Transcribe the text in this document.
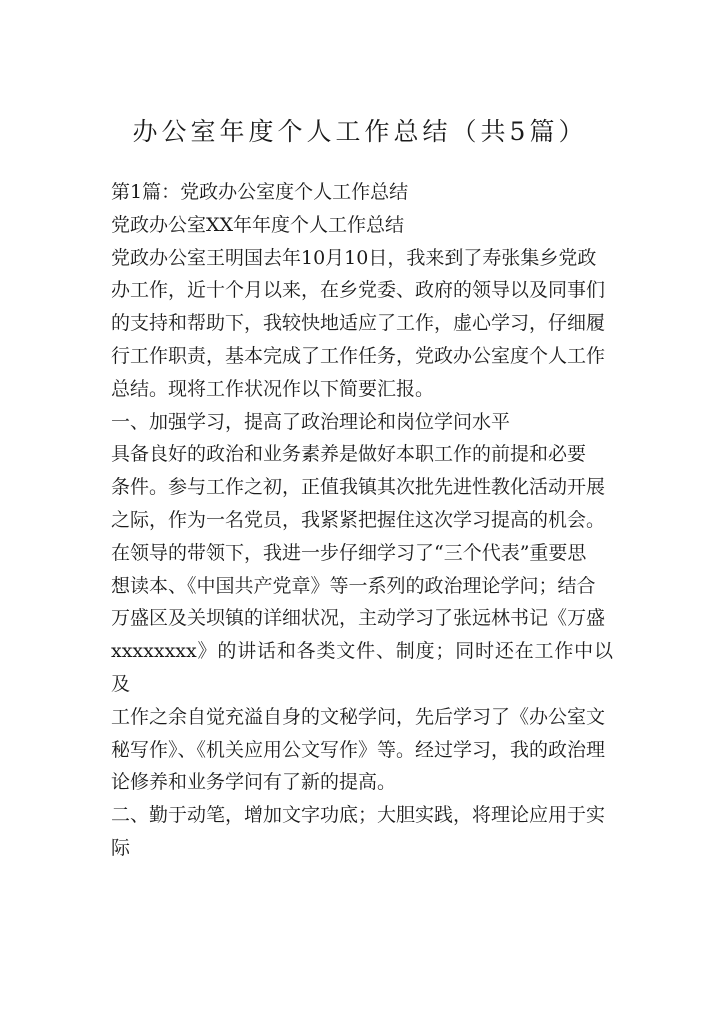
办公室年度个人工作总结（共5篇）

第1篇：党政办公室度个人工作总结

党政办公室XX年年度个人工作总结

党政办公室王明国去年10月10日，我来到了寿张集乡党政

办工作，近十个月以来，在乡党委、政府的领导以及同事们

的支持和帮助下，我较快地适应了工作，虚心学习，仔细履

行工作职责，基本完成了工作任务，党政办公室度个人工作

总结。现将工作状况作以下简要汇报。

一、加强学习，提高了政治理论和岗位学问水平

具备良好的政治和业务素养是做好本职工作的前提和必要

条件。参与工作之初，正值我镇其次批先进性教化活动开展

之际，作为一名党员，我紧紧把握住这次学习提高的机会。

在领导的带领下，我进一步仔细学习了“三个代表”重要思

想读本、《中国共产党章》等一系列的政治理论学问；结合

万盛区及关坝镇的详细状况，主动学习了张远林书记《万盛

xxxxxxxx》的讲话和各类文件、制度；同时还在工作中以及

工作之余自觉充溢自身的文秘学问，先后学习了《办公室文

秘写作》、《机关应用公文写作》等。经过学习，我的政治理

论修养和业务学问有了新的提高。

二、勤于动笔，增加文字功底；大胆实践，将理论应用于实

际
